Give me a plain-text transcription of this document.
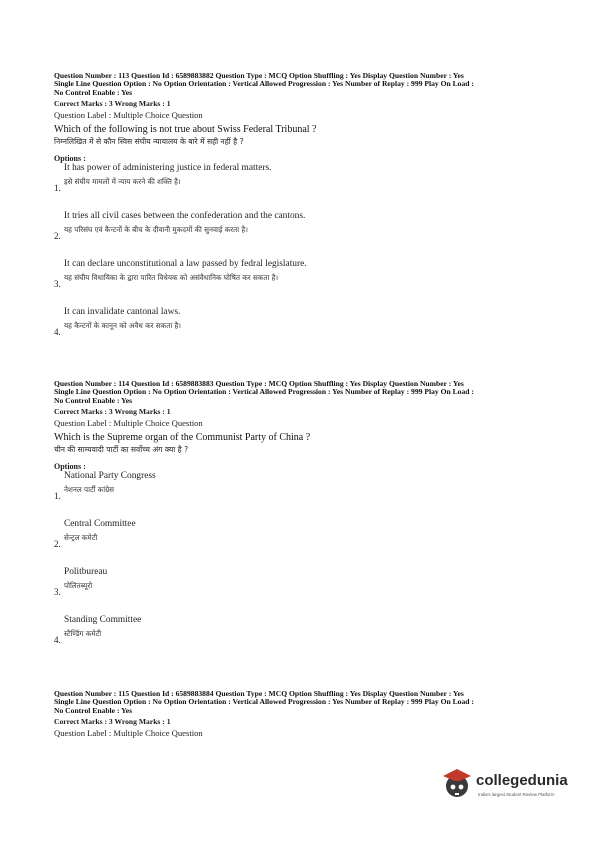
Question Number : 113 Question Id : 6589883882 Question Type : MCQ Option Shuffling : Yes Display Question Number : Yes
Single Line Question Option : No Option Orientation : Vertical Allowed Progression : Yes Number of Replay : 999 Play On Load :
No Control Enable : Yes
Correct Marks : 3 Wrong Marks : 1
Question Label : Multiple Choice Question
Which of the following is not true about Swiss Federal Tribunal ?
निम्नलिखित में से कौन स्विस संघीय न्यायालय के बारे में सही नहीं है ?
Options :
1.
It has power of administering justice in federal matters.
इसे संघीय मामलों में न्याय करने की शक्ति है।
2.
It tries all civil cases between the confederation and the cantons.
यह परिसंघ एवं कैन्टनों के बीच के दीवानी मुकदमों की सुनवाई करता है।
3.
It can declare unconstitutional a law passed by fedral legislature.
यह संघीय विधायिका के द्वारा पारित विधेयक को असंवैधानिक घोषित कर सकता है।
4.
It can invalidate cantonal laws.
यह कैन्टनों के कानून को अवैध कर सकता है।
Question Number : 114 Question Id : 6589883883 Question Type : MCQ Option Shuffling : Yes Display Question Number : Yes
Single Line Question Option : No Option Orientation : Vertical Allowed Progression : Yes Number of Replay : 999 Play On Load :
No Control Enable : Yes
Correct Marks : 3 Wrong Marks : 1
Question Label : Multiple Choice Question
Which is the Supreme organ of the Communist Party of China ?
चीन की साम्यवादी पार्टी का सर्वोच्च अंग क्या है ?
Options :
1.
National Party Congress
नेशनल पार्टी कांग्रेस
2.
Central Committee
सेन्ट्रल कमेटी
3.
Politbureau
पोलितब्यूरो
4.
Standing Committee
स्टैण्डिंग कमेटी
Question Number : 115 Question Id : 6589883884 Question Type : MCQ Option Shuffling : Yes Display Question Number : Yes
Single Line Question Option : No Option Orientation : Vertical Allowed Progression : Yes Number of Replay : 999 Play On Load :
No Control Enable : Yes
Correct Marks : 3 Wrong Marks : 1
Question Label : Multiple Choice Question
collegedunia
India's largest Student Review Platform
